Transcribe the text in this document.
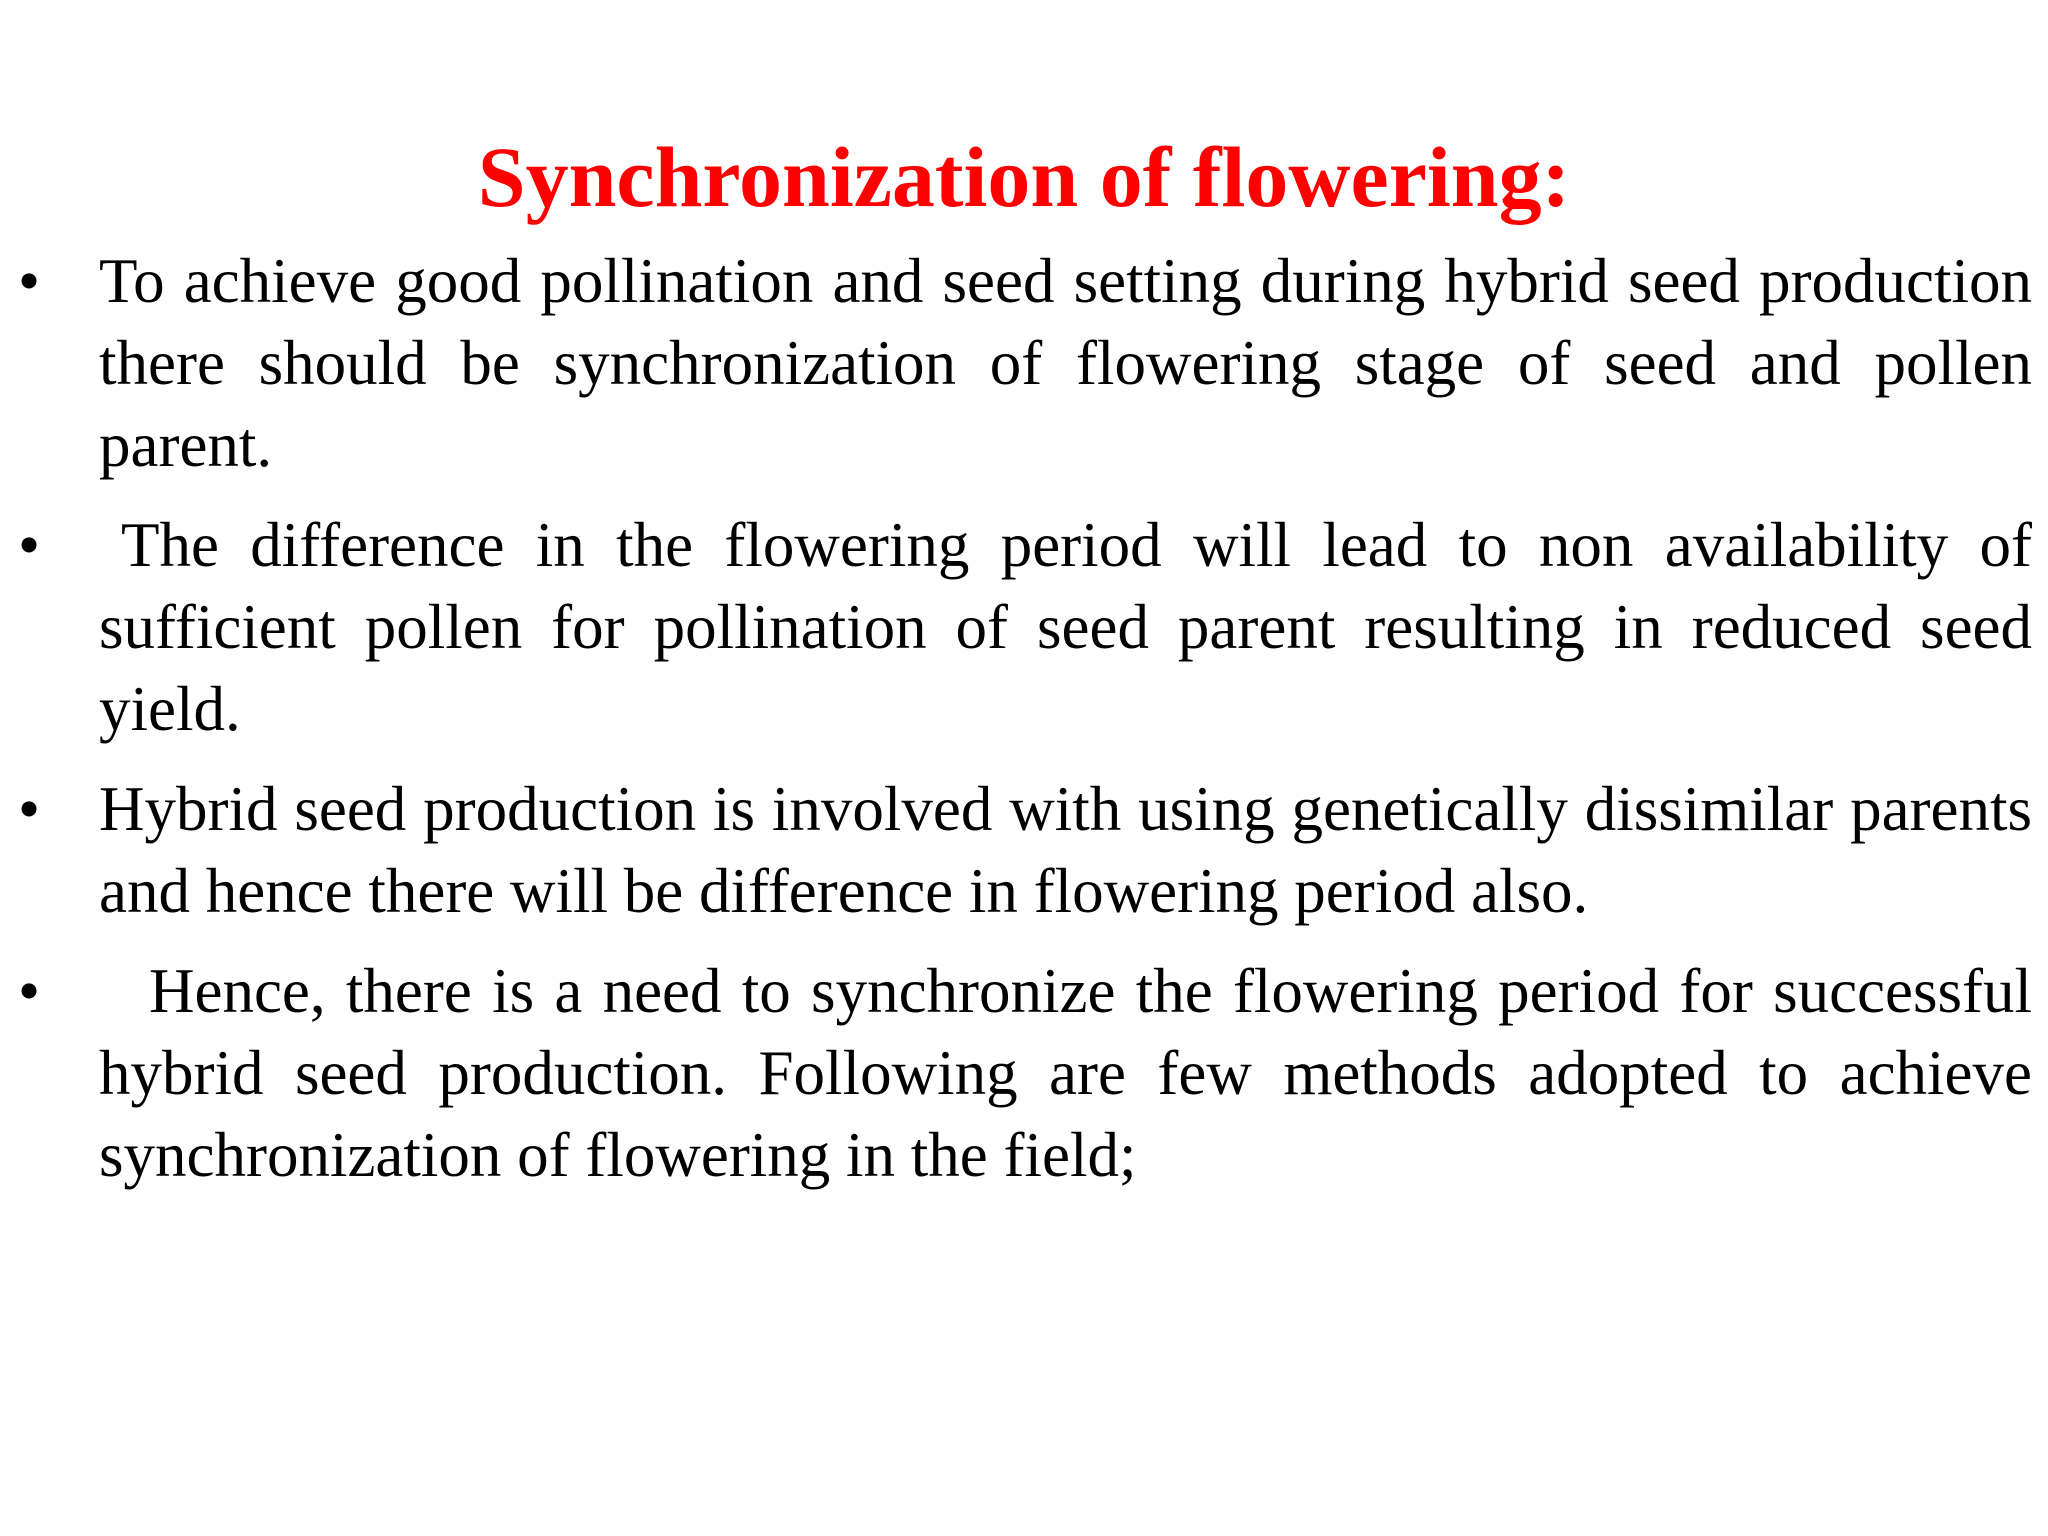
Synchronization of flowering:
• To achieve good pollination and seed setting during hybrid seed production there should be synchronization of flowering stage of seed and pollen parent.
•	The difference in the flowering period will lead to non availability of sufficient pollen for pollination of seed parent resulting in reduced seed yield.
• Hybrid seed production is involved with using genetically dissimilar parents and hence there will be difference in flowering period also.
•	Hence, there is a need to synchronize the flowering period for successful hybrid seed production. Following are few methods adopted to achieve synchronization of flowering in the field;
